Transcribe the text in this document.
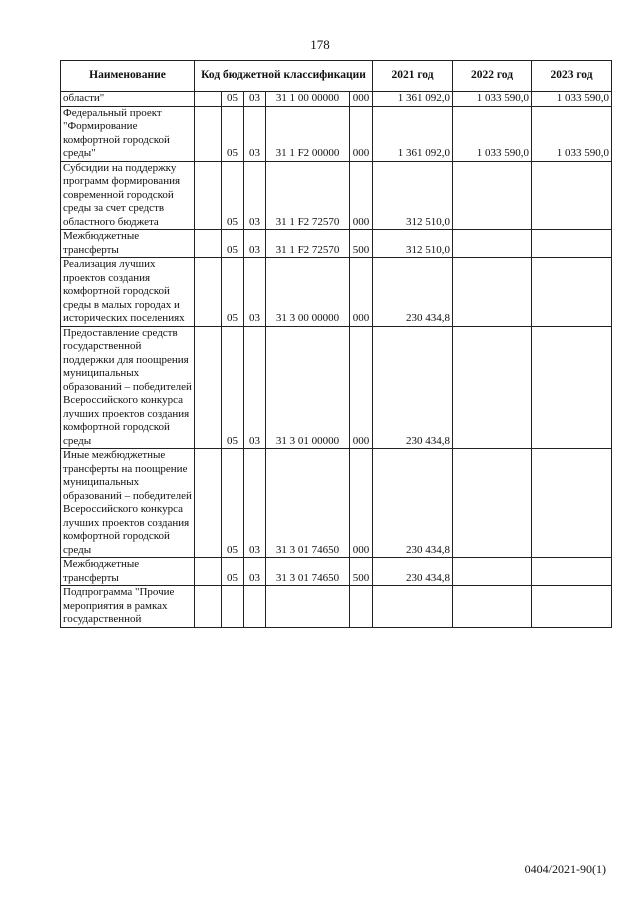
178
Наименование	Код бюджетной классификации					2021 год	2022 год	2023 год
области"		05	03	31 1 00 00000	000	1 361 092,0	1 033 590,0	1 033 590,0
Федеральный проект "Формирование комфортной городской среды"		05	03	31 1 F2 00000	000	1 361 092,0	1 033 590,0	1 033 590,0
Субсидии на поддержку программ формирования современной городской среды за счет средств областного бюджета		05	03	31 1 F2 72570	000	312 510,0		
Межбюджетные трансферты		05	03	31 1 F2 72570	500	312 510,0		
Реализация лучших проектов создания комфортной городской среды в малых городах и исторических поселениях		05	03	31 3 00 00000	000	230 434,8		
Предоставление средств государственной поддержки для поощрения муниципальных образований – победителей Всероссийского конкурса лучших проектов создания комфортной городской среды		05	03	31 3 01 00000	000	230 434,8		
Иные межбюджетные трансферты на поощрение муниципальных образований – победителей Всероссийского конкурса лучших проектов создания комфортной городской среды		05	03	31 3 01 74650	000	230 434,8		
Межбюджетные трансферты		05	03	31 3 01 74650	500	230 434,8		
Подпрограмма "Прочие мероприятия в рамках государственной								
0404/2021-90(1)
